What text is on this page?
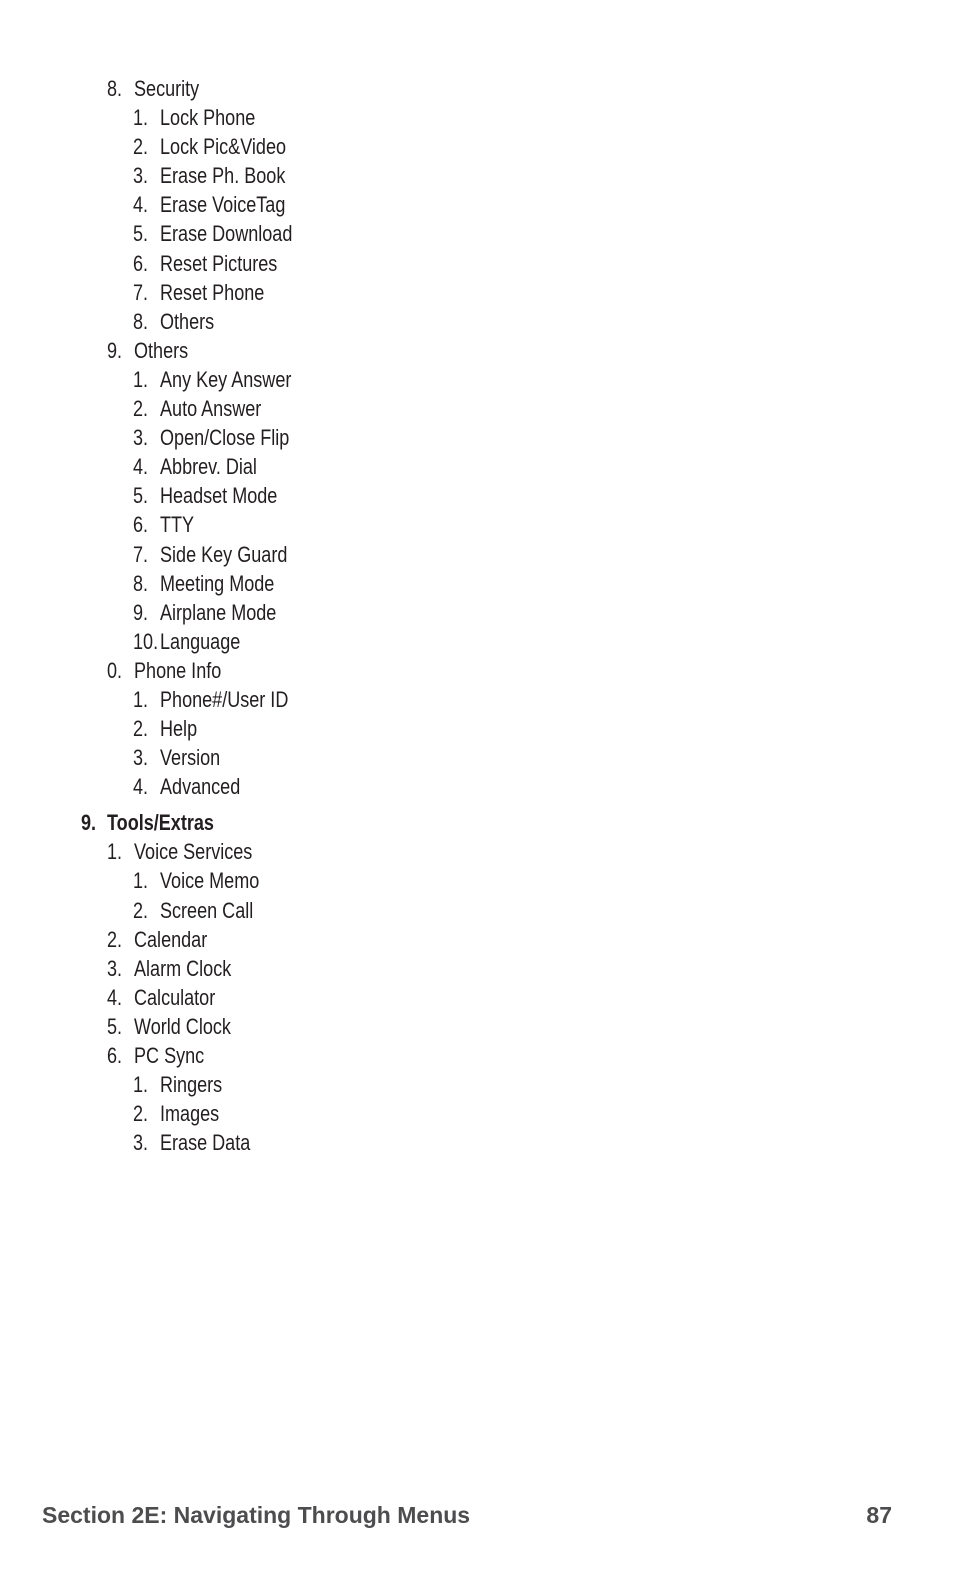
8. Security
1. Lock Phone
2. Lock Pic&Video
3. Erase Ph. Book
4. Erase VoiceTag
5. Erase Download
6. Reset Pictures
7. Reset Phone
8. Others
9. Others
1. Any Key Answer
2. Auto Answer
3. Open/Close Flip
4. Abbrev. Dial
5. Headset Mode
6. TTY
7. Side Key Guard
8. Meeting Mode
9. Airplane Mode
10. Language
0. Phone Info
1. Phone#/User ID
2. Help
3. Version
4. Advanced
9. Tools/Extras
1. Voice Services
1. Voice Memo
2. Screen Call
2. Calendar
3. Alarm Clock
4. Calculator
5. World Clock
6. PC Sync
1. Ringers
2. Images
3. Erase Data
Section 2E: Navigating Through Menus	87
